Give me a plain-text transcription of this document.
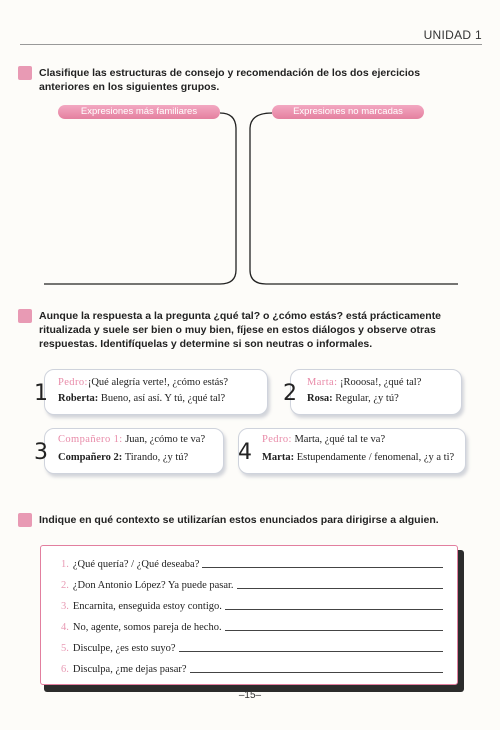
UNIDAD 1
Clasifique las estructuras de consejo y recomendación de los dos ejercicios anteriores en los siguientes grupos.
Expresiones más familiares	Expresiones no marcadas
Aunque la respuesta a la pregunta ¿qué tal? o ¿cómo estás? está prácticamente ritualizada y suele ser bien o muy bien, fíjese en estos diálogos y observe otras respuestas. Identifíquelas y determine si son neutras o informales.
1 Pedro:¡Qué alegría verte!, ¿cómo estás?
Roberta: Bueno, así así. Y tú, ¿qué tal?	2 Marta: ¡Rooosa!, ¿qué tal?
Rosa: Regular, ¿y tú?
3
Compañero 1: Juan, ¿cómo te va?
Compañero 2: Tirando, ¿y tú? 4
Pedro: Marta, ¿qué tal te va?
Marta: Estupendamente / fenomenal, ¿y a ti?
Indique en qué contexto se utilizarían estos enunciados para dirigirse a alguien.
1. ¿Qué quería? / ¿Qué deseaba?
2. ¿Don Antonio López? Ya puede pasar.
3. Encarnita, enseguida estoy contigo.
4. No, agente, somos pareja de hecho.
5. Disculpe, ¿es esto suyo?
6. Disculpa, ¿me dejas pasar?
–15–
